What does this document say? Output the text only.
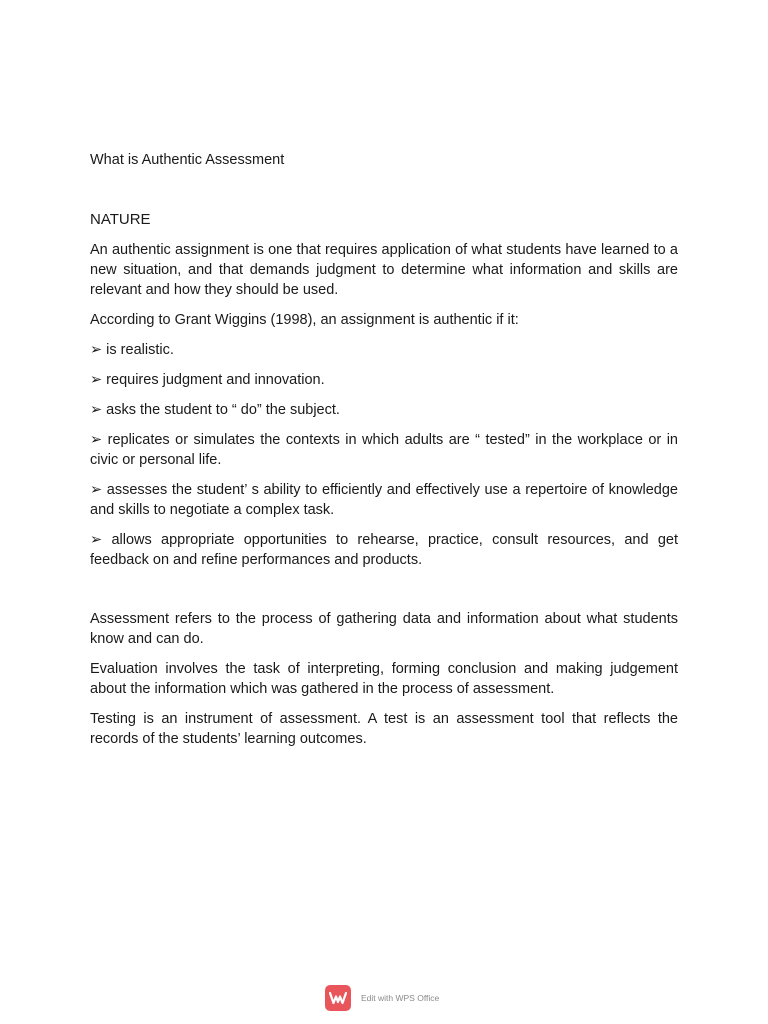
What is Authentic Assessment
NATURE

An authentic assignment is one that requires application of what students have learned to a new situation, and that demands judgment to determine what information and skills are relevant and how they should be used.

According to Grant Wiggins (1998), an assignment is authentic if it:

➢ is realistic.

➢ requires judgment and innovation.

➢ asks the student to “ do” the subject.

➢ replicates or simulates the contexts in which adults are “ tested” in the workplace or in civic or personal life.

➢ assesses the student’ s ability to efficiently and effectively use a repertoire of knowledge and skills to negotiate a complex task.

➢ allows appropriate opportunities to rehearse, practice, consult resources, and get feedback on and refine performances and products.

Assessment refers to the process of gathering data and information about what students know and can do.

Evaluation involves the task of interpreting, forming conclusion and making judgement about the information which was gathered in the process of assessment.

Testing is an instrument of assessment. A test is an assessment tool that reflects the records of the students’ learning outcomes.

Edit with WPS Office
